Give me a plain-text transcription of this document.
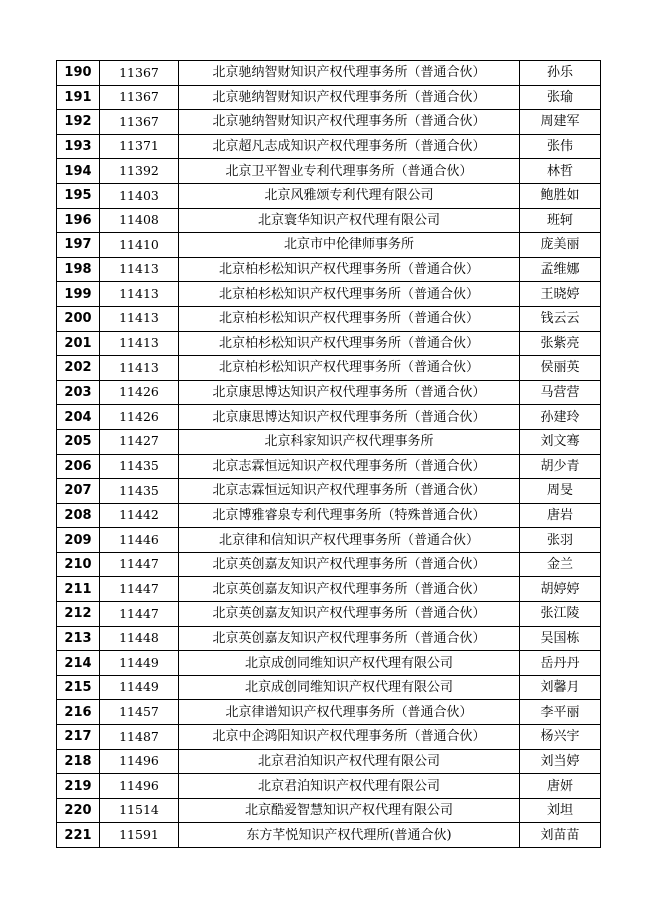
190	11367	北京驰纳智财知识产权代理事务所（普通合伙）	孙乐
191	11367	北京驰纳智财知识产权代理事务所（普通合伙）	张瑜
192	11367	北京驰纳智财知识产权代理事务所（普通合伙）	周建军
193	11371	北京超凡志成知识产权代理事务所（普通合伙）	张伟
194	11392	北京卫平智业专利代理事务所（普通合伙）	林哲
195	11403	北京风雅颂专利代理有限公司	鲍胜如
196	11408	北京寰华知识产权代理有限公司	班轲
197	11410	北京市中伦律师事务所	庞美丽
198	11413	北京柏杉松知识产权代理事务所（普通合伙）	孟维娜
199	11413	北京柏杉松知识产权代理事务所（普通合伙）	王晓婷
200	11413	北京柏杉松知识产权代理事务所（普通合伙）	钱云云
201	11413	北京柏杉松知识产权代理事务所（普通合伙）	张紫亮
202	11413	北京柏杉松知识产权代理事务所（普通合伙）	侯丽英
203	11426	北京康思博达知识产权代理事务所（普通合伙）	马营营
204	11426	北京康思博达知识产权代理事务所（普通合伙）	孙建玲
205	11427	北京科家知识产权代理事务所	刘文骞
206	11435	北京志霖恒远知识产权代理事务所（普通合伙）	胡少青
207	11435	北京志霖恒远知识产权代理事务所（普通合伙）	周旻
208	11442	北京博雅睿泉专利代理事务所（特殊普通合伙）	唐岩
209	11446	北京律和信知识产权代理事务所（普通合伙）	张羽
210	11447	北京英创嘉友知识产权代理事务所（普通合伙）	金兰
211	11447	北京英创嘉友知识产权代理事务所（普通合伙）	胡婷婷
212	11447	北京英创嘉友知识产权代理事务所（普通合伙）	张江陵
213	11448	北京英创嘉友知识产权代理事务所（普通合伙）	吴国栋
214	11449	北京成创同维知识产权代理有限公司	岳丹丹
215	11449	北京成创同维知识产权代理有限公司	刘馨月
216	11457	北京律谱知识产权代理事务所（普通合伙）	李平丽
217	11487	北京中企鸿阳知识产权代理事务所（普通合伙）	杨兴宇
218	11496	北京君泊知识产权代理有限公司	刘当婷
219	11496	北京君泊知识产权代理有限公司	唐妍
220	11514	北京酷爱智慧知识产权代理有限公司	刘坦
221	11591	东方芊悦知识产权代理所(普通合伙)	刘苗苗
